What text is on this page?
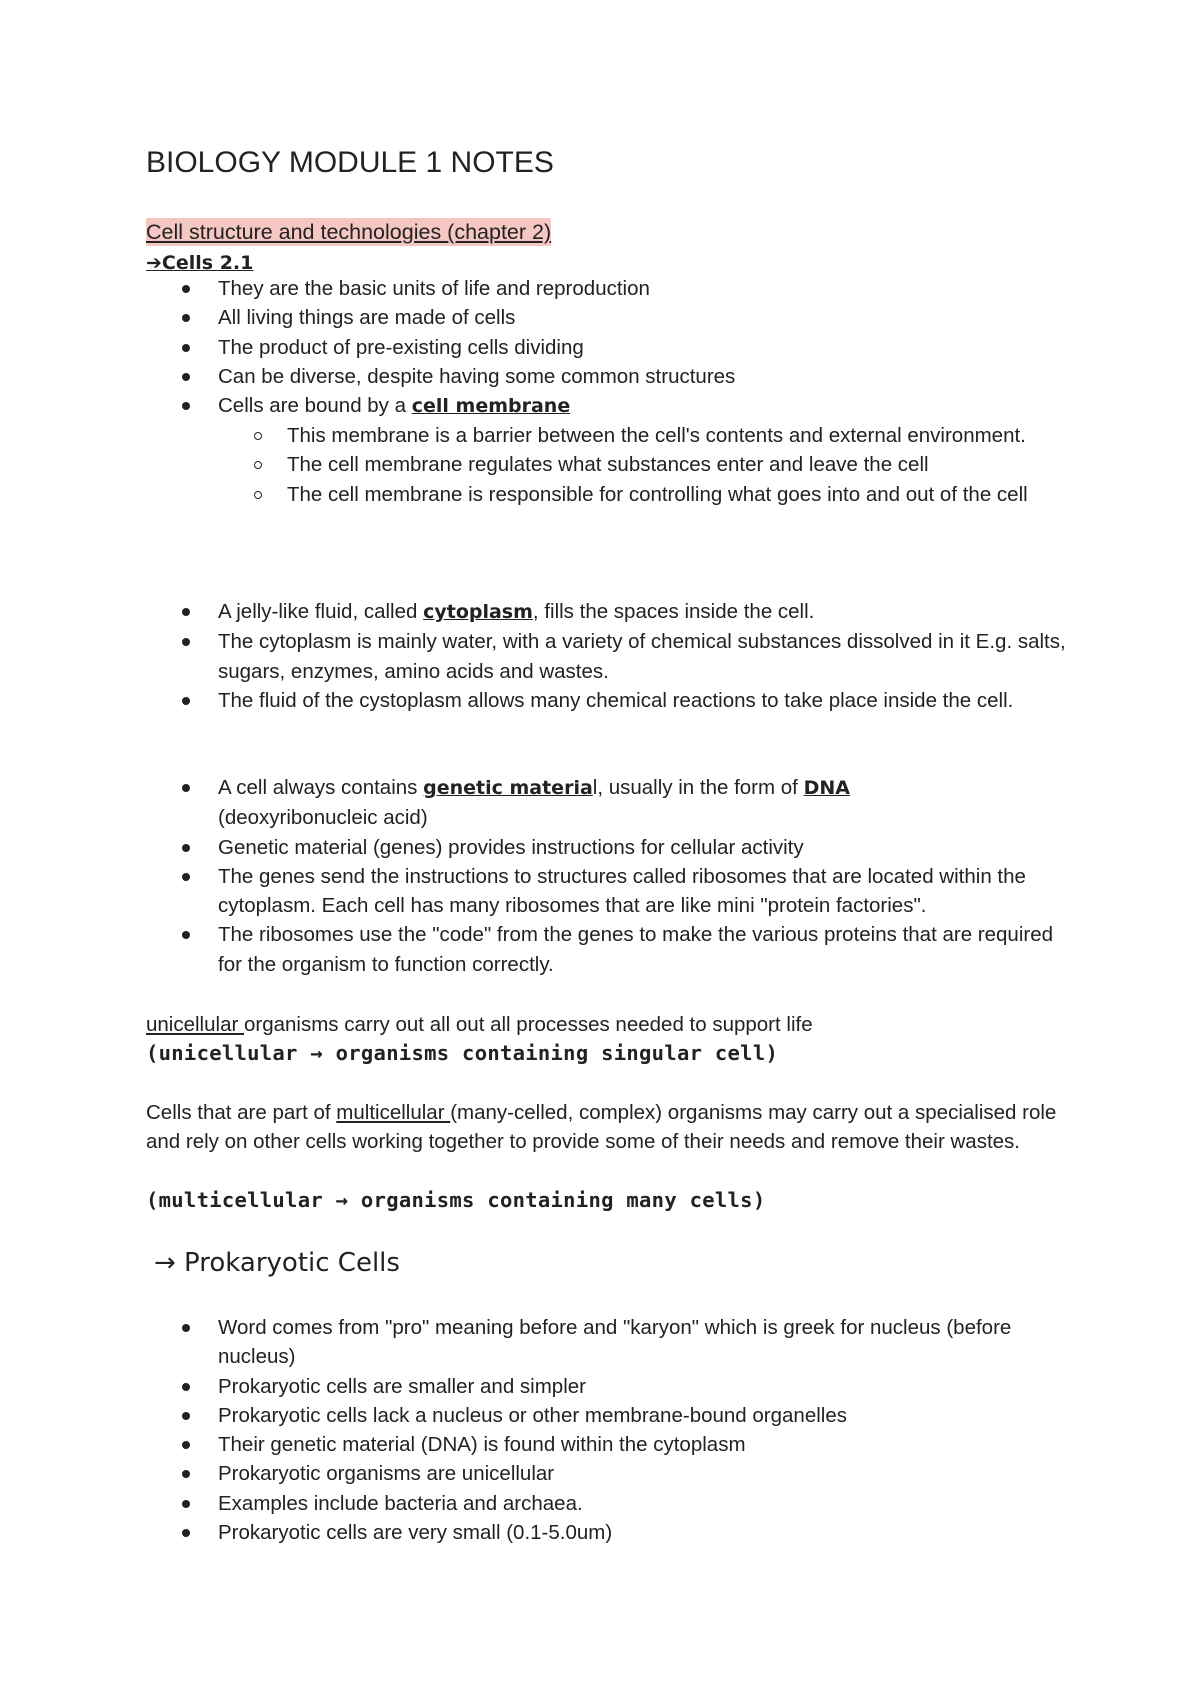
BIOLOGY MODULE 1 NOTES
Cell structure and technologies (chapter 2)
➔Cells 2.1
They are the basic units of life and reproduction
All living things are made of cells
The product of pre-existing cells dividing
Can be diverse, despite having some common structures
Cells are bound by a cell membrane
This membrane is a barrier between the cell's contents and external environment.
The cell membrane regulates what substances enter and leave the cell
The cell membrane is responsible for controlling what goes into and out of the cell
A jelly-like fluid, called cytoplasm, fills the spaces inside the cell.
The cytoplasm is mainly water, with a variety of chemical substances dissolved in it E.g. salts, sugars, enzymes, amino acids and wastes.
The fluid of the cystoplasm allows many chemical reactions to take place inside the cell.
A cell always contains genetic material, usually in the form of DNA
(deoxyribonucleic acid)
Genetic material (genes) provides instructions for cellular activity
The genes send the instructions to structures called ribosomes that are located within the cytoplasm. Each cell has many ribosomes that are like mini "protein factories".
The ribosomes use the "code" from the genes to make the various proteins that are required for the organism to function correctly.
unicellular organisms carry out all out all processes needed to support life
(unicellular → organisms containing singular cell)
Cells that are part of multicellular (many-celled, complex) organisms may carry out a specialised role and rely on other cells working together to provide some of their needs and remove their wastes.
(multicellular → organisms containing many cells)
→ Prokaryotic Cells
Word comes from "pro" meaning before and "karyon" which is greek for nucleus (before nucleus)
Prokaryotic cells are smaller and simpler
Prokaryotic cells lack a nucleus or other membrane-bound organelles
Their genetic material (DNA) is found within the cytoplasm
Prokaryotic organisms are unicellular
Examples include bacteria and archaea.
Prokaryotic cells are very small (0.1-5.0um)
